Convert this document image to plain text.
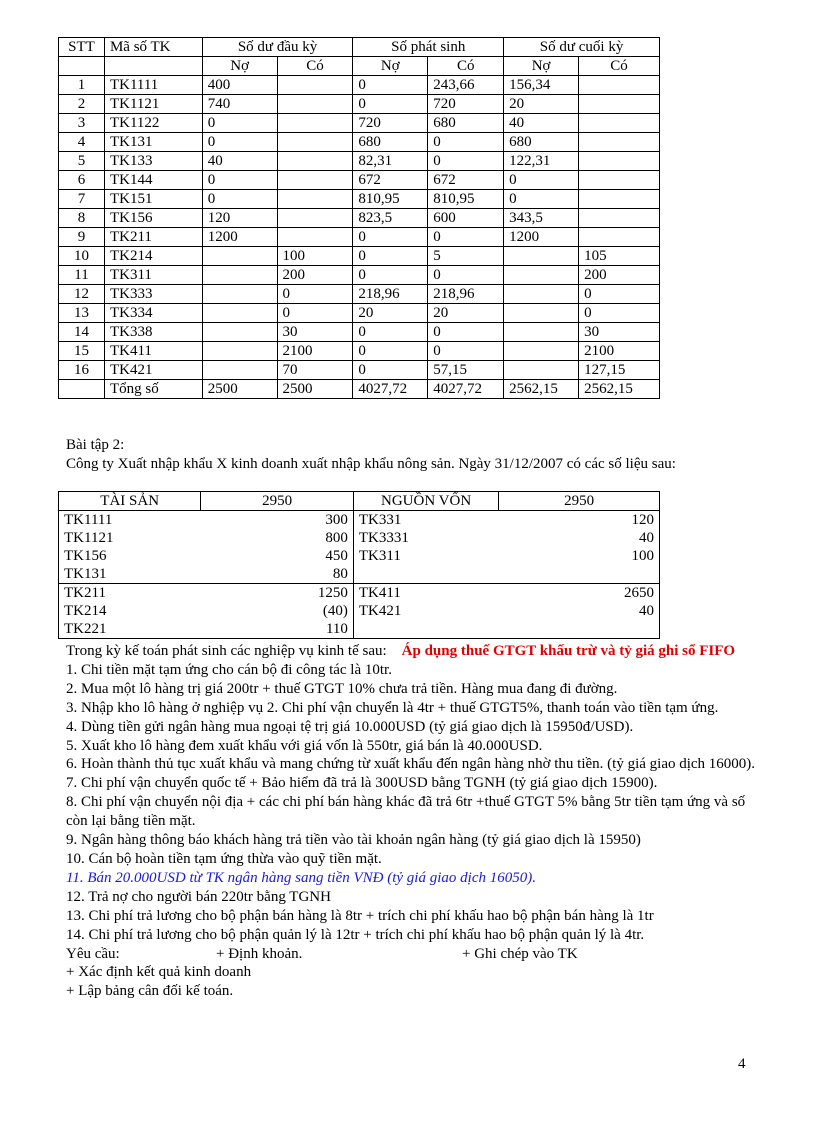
STT	Mã số TK	Số dư đầu kỳ		Số phát sinh		Số dư cuối kỳ	
		Nợ	Có	Nợ	Có	Nợ	Có
1	TK1111	400		0	243,66	156,34	
2	TK1121	740		0	720	20	
3	TK1122	0		720	680	40	
4	TK131	0		680	0	680	
5	TK133	40		82,31	0	122,31	
6	TK144	0		672	672	0	
7	TK151	0		810,95	810,95	0	
8	TK156	120		823,5	600	343,5	
9	TK211	1200		0	0	1200	
10	TK214		100	0	5		105
11	TK311		200	0	0		200
12	TK333		0	218,96	218,96		0
13	TK334		0	20	20		0
14	TK338		30	0	0		30
15	TK411		2100	0	0		2100
16	TK421		70	0	57,15		127,15
	Tổng số	2500	2500	4027,72	4027,72	2562,15	2562,15

Bài tập 2:

Công ty Xuất nhập khẩu X kinh doanh xuất nhập khẩu nông sản. Ngày 31/12/2007 có các số liệu sau:

TÀI SẢN	2950	NGUỒN VỐN	2950
TK1111	300	TK331	120
TK1121	800	TK3331	40
TK156	450	TK311	100
TK131	80		
TK211	1250	TK411	2650
TK214	(40)	TK421	40
TK221	110		

Trong kỳ kế toán phát sinh các nghiệp vụ kinh tế sau: Áp dụng thuế GTGT khấu trừ và tỷ giá ghi sổ FIFO

1. Chi tiền mặt tạm ứng cho cán bộ đi công tác là 10tr.

2. Mua một lô hàng trị giá 200tr + thuế GTGT 10% chưa trả tiền. Hàng mua đang đi đường.

3. Nhập kho lô hàng ở nghiệp vụ 2. Chi phí vận chuyển là 4tr + thuế GTGT5%, thanh toán vào tiền tạm ứng.

4. Dùng tiền gửi ngân hàng mua ngoại tệ trị giá 10.000USD (tỷ giá giao dịch là 15950đ/USD).

5. Xuất kho lô hàng đem xuất khẩu với giá vốn là 550tr, giá bán là 40.000USD.

6. Hoàn thành thủ tục xuất khẩu và mang chứng từ xuất khẩu đến ngân hàng nhờ thu tiền. (tỷ giá giao dịch 16000).

7. Chi phí vận chuyển quốc tế + Bảo hiểm đã trả là 300USD bằng TGNH (tỷ giá giao dịch 15900).

8. Chi phí vận chuyển nội địa + các chi phí bán hàng khác đã trả 6tr +thuế GTGT 5% bằng 5tr tiền tạm ứng và số còn lại bằng tiền mặt.

9. Ngân hàng thông báo khách hàng trả tiền vào tài khoản ngân hàng (tỷ giá giao dịch là 15950)

10. Cán bộ hoàn tiền tạm ứng thừa vào quỹ tiền mặt.

11. Bán 20.000USD từ TK ngân hàng sang tiền VNĐ (tỷ giá giao dịch 16050).

12. Trả nợ cho người bán 220tr bằng TGNH

13. Chi phí trả lương cho bộ phận bán hàng là 8tr + trích chi phí khấu hao bộ phận bán hàng là 1tr

14. Chi phí trả lương cho bộ phận quản lý là 12tr + trích chi phí khấu hao bộ phận quản lý là 4tr.

Yêu cầu:	+ Định khoản.	+ Ghi chép vào TK

+ Xác định kết quả kinh doanh

+ Lập bảng cân đối kế toán.

4
